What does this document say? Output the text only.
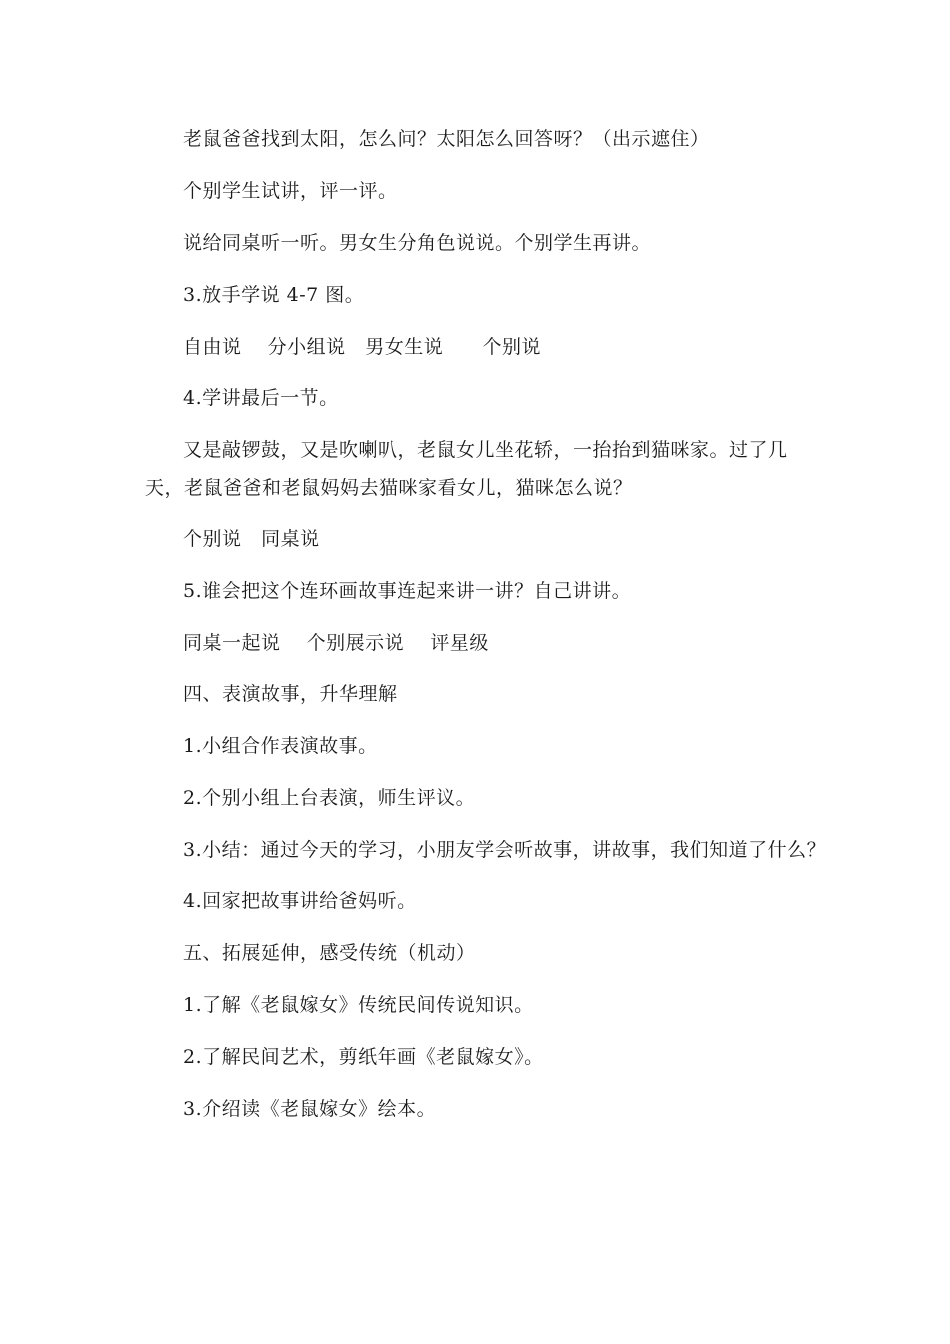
老鼠爸爸找到太阳，怎么问？太阳怎么回答呀？（出示遮住）
个别学生试讲，评一评。
说给同桌听一听。男女生分角色说说。个别学生再讲。
3.放手学说 4-7 图。
自由说    分小组说   男女生说      个别说
4.学讲最后一节。
又是敲锣鼓，又是吹喇叭，老鼠女儿坐花轿，一抬抬到猫咪家。过了几天，老鼠爸爸和老鼠妈妈去猫咪家看女儿，猫咪怎么说？
个别说   同桌说
5.谁会把这个连环画故事连起来讲一讲？自己讲讲。
同桌一起说    个别展示说    评星级
四、表演故事，升华理解
1.小组合作表演故事。
2.个别小组上台表演，师生评议。
3.小结：通过今天的学习，小朋友学会听故事，讲故事，我们知道了什么？
4.回家把故事讲给爸妈听。
五、拓展延伸，感受传统（机动）
1.了解《老鼠嫁女》传统民间传说知识。
2.了解民间艺术，剪纸年画《老鼠嫁女》。
3.介绍读《老鼠嫁女》绘本。
